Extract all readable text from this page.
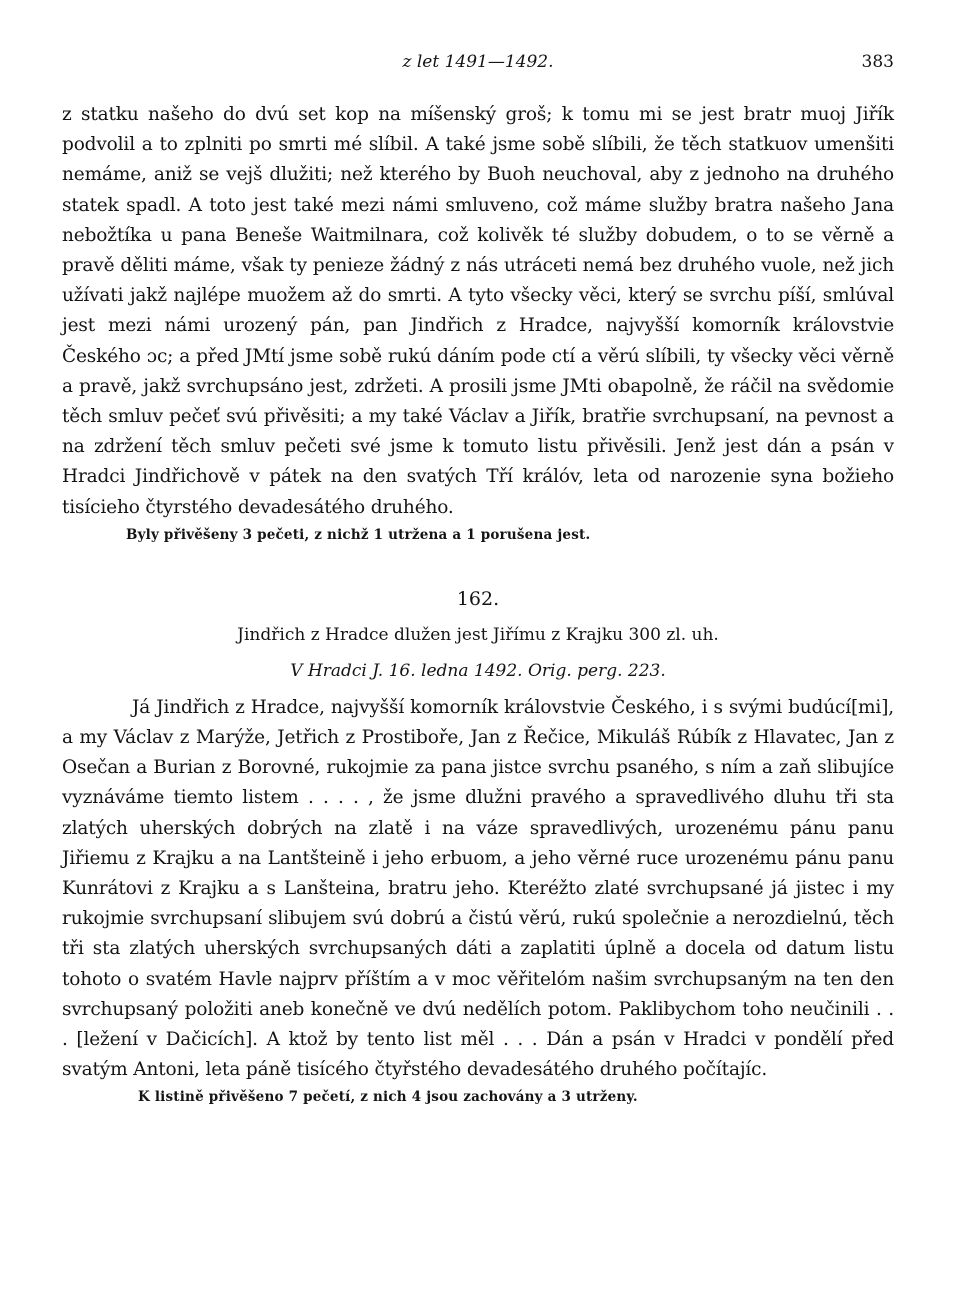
z let 1491—1492.	383

z statku našeho do dvú set kop na míšenský groš; k tomu mi se jest bratr muoj Jiřík podvolil a to zplniti po smrti mé slíbil. A také jsme sobě slíbili, že těch statkuov umenšiti nemáme, aniž se vejš dlužiti; než kterého by Buoh neuchoval, aby z jednoho na druhého statek spadl. A toto jest také mezi námi smluveno, což máme služby bratra našeho Jana nebožtíka u pana Beneše Waitmilnara, což kolivěk té služby dobudem, o to se věrně a pravě děliti máme, však ty penieze žádný z nás utráceti nemá bez druhého vuole, než jich užívati jakž najlépe muožem až do smrti. A tyto všecky věci, který se svrchu píší, smlúval jest mezi námi urozený pán, pan Jindřich z Hradce, najvyšší komorník královstvie Českého ɔc; a před JMtí jsme sobě rukú dáním pode ctí a věrú slíbili, ty všecky věci věrně a pravě, jakž svrchupsáno jest, zdržeti. A prosili jsme JMti obapolně, že ráčil na svědomie těch smluv pečeť svú přivěsiti; a my také Václav a Jiřík, bratřie svrchupsaní, na pevnost a na zdržení těch smluv pečeti své jsme k tomuto listu přivěsili. Jenž jest dán a psán v Hradci Jindřichově v pátek na den svatých Tří králóv, leta od narozenie syna božieho tisícieho čtyrstého devadesátého druhého.

Byly přivěšeny 3 pečeti, z nichž 1 utržena a 1 porušena jest.

162.
Jindřich z Hradce dlužen jest Jiřímu z Krajku 300 zl. uh.
V Hradci J. 16. ledna 1492. Orig. perg. 223.

Já Jindřich z Hradce, najvyšší komorník královstvie Českého, i s svými budúcí[mi], a my Václav z Marýže, Jetřich z Prostiboře, Jan z Řečice, Mikuláš Rúbík z Hlavatec, Jan z Osečan a Burian z Borovné, rukojmie za pana jistce svrchu psaného, s ním a zaň slibujíce vyznáváme tiemto listem . . . . , že jsme dlužni pravého a spravedlivého dluhu tři sta zlatých uherských dobrých na zlatě i na váze spravedlivých, urozenému pánu panu Jiřiemu z Krajku a na Lantšteině i jeho erbuom, a jeho věrné ruce urozenému pánu panu Kunrátovi z Krajku a s Lanšteina, bratru jeho. Kteréžto zlaté svrchupsané já jistec i my rukojmie svrchupsaní slibujem svú dobrú a čistú věrú, rukú společnie a nerozdielnú, těch tři sta zlatých uherských svrchupsaných dáti a zaplatiti úplně a docela od datum listu tohoto o svatém Havle najprv příštím a v moc věřitelóm našim svrchupsaným na ten den svrchupsaný položiti aneb konečně ve dvú nedělích potom. Paklibychom toho neučinili . . . [ležení v Dačicích]. A ktož by tento list měl . . . Dán a psán v Hradci v pondělí před svatým Antoni, leta páně tisícého čtyřstého devadesátého druhého počítajíc.

K listině přivěšeno 7 pečetí, z nich 4 jsou zachovány a 3 utrženy.
